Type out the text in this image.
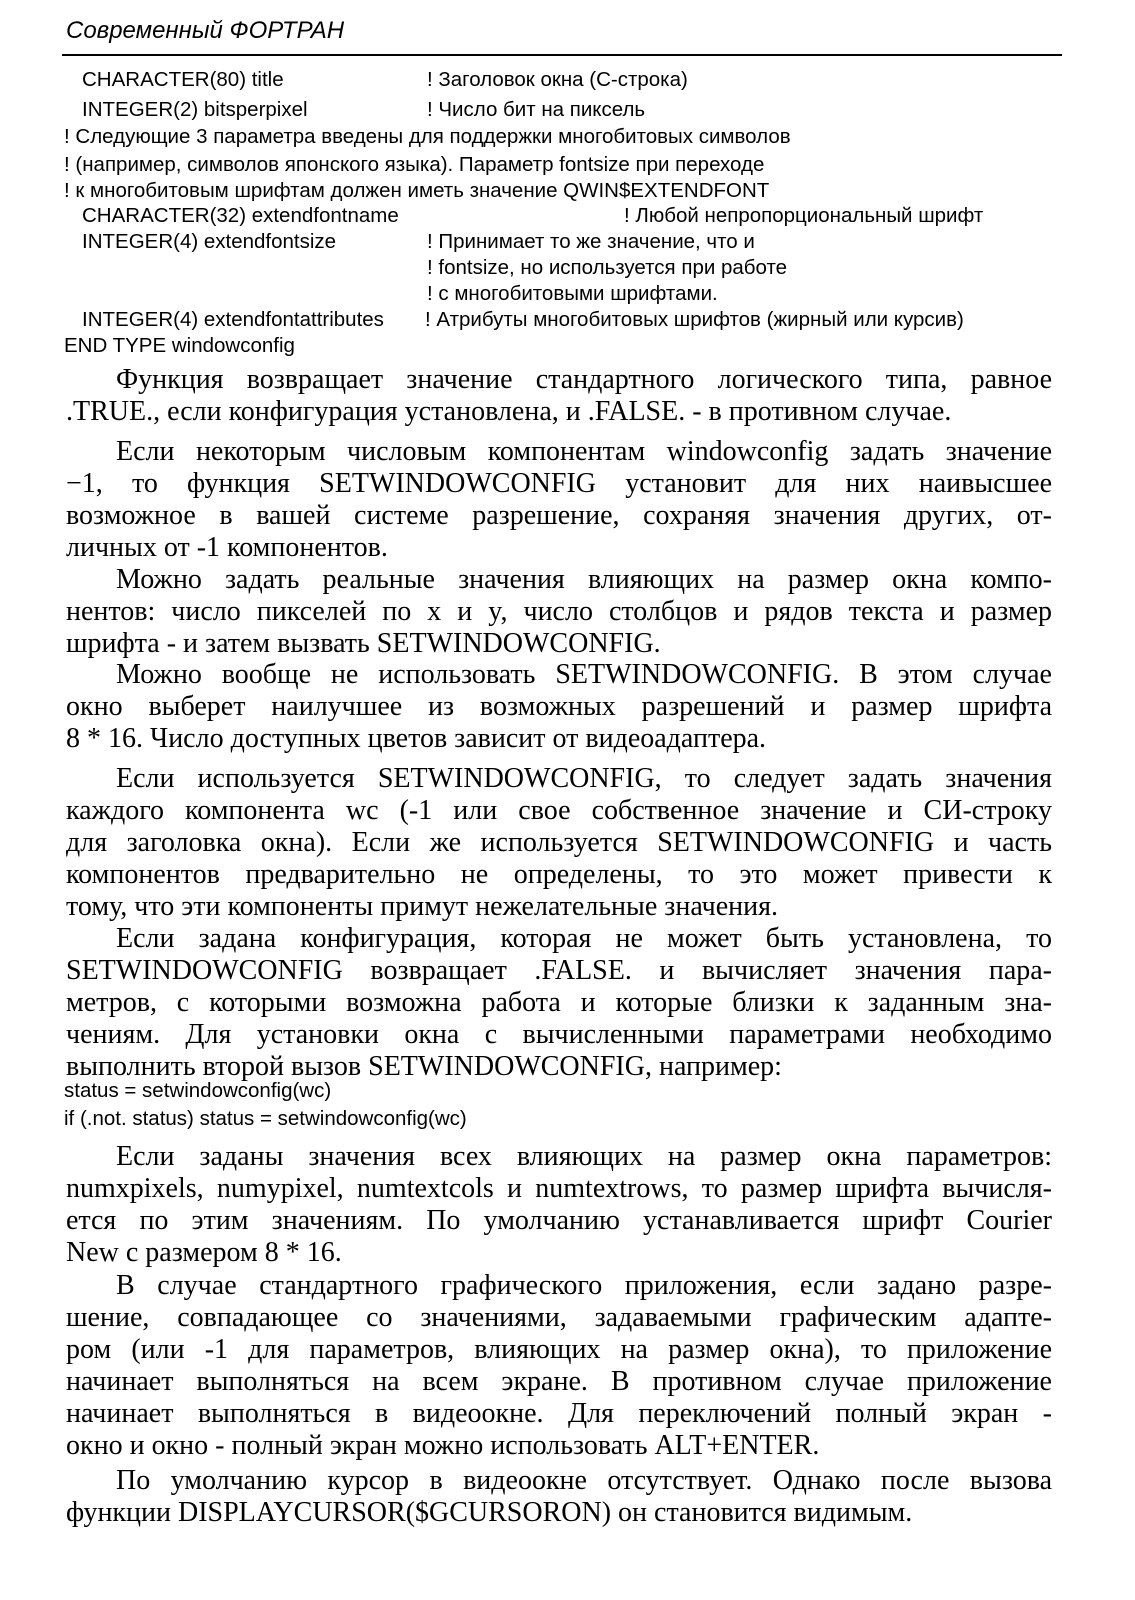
Современный ФОРТРАН
CHARACTER(80) title	! Заголовок окна (С-строка)
INTEGER(2) bitsperpixel	! Число бит на пиксель
! Следующие 3 параметра введены для поддержки многобитовых символов
! (например, символов японского языка). Параметр fontsize при переходе
! к многобитовым шрифтам должен иметь значение QWIN$EXTENDFONT
CHARACTER(32) extendfontname	! Любой непропорциональный шрифт
INTEGER(4) extendfontsize	! Принимает то же значение, что и
! fontsize, но используется при работе
! с многобитовыми шрифтами.
INTEGER(4) extendfontattributes ! Атрибуты многобитовых шрифтов (жирный или курсив)
END TYPE windowconfig
Функция возвращает значение стандартного логического типа, равное
.TRUE., если конфигурация установлена, и .FALSE. - в противном случае.
Если некоторым числовым компонентам windowconfig задать значение
−1, то функция SETWINDOWCONFIG установит для них наивысшее
возможное в вашей системе разрешение, сохраняя значения других, от-
личных от -1 компонентов.
Можно задать реальные значения влияющих на размер окна компо-
нентов: число пикселей по x и y, число столбцов и рядов текста и размер
шрифта - и затем вызвать SETWINDOWCONFIG.
Можно вообще не использовать SETWINDOWCONFIG. В этом случае
окно выберет наилучшее из возможных разрешений и размер шрифта
8 * 16. Число доступных цветов зависит от видеоадаптера.
Если используется SETWINDOWCONFIG, то следует задать значения
каждого компонента wc (-1 или свое собственное значение и СИ-строку
для заголовка окна). Если же используется SETWINDOWCONFIG и часть
компонентов предварительно не определены, то это может привести к
тому, что эти компоненты примут нежелательные значения.
Если задана конфигурация, которая не может быть установлена, то
SETWINDOWCONFIG возвращает .FALSE. и вычисляет значения пара-
метров, с которыми возможна работа и которые близки к заданным зна-
чениям. Для установки окна с вычисленными параметрами необходимо
выполнить второй вызов SETWINDOWCONFIG, например:
status = setwindowconfig(wc)
if (.not. status) status = setwindowconfig(wc)
Если заданы значения всех влияющих на размер окна параметров:
numxpixels, numypixel, numtextcols и numtextrows, то размер шрифта вычисля-
ется по этим значениям. По умолчанию устанавливается шрифт Courier
New с размером 8 * 16.
В случае стандартного графического приложения, если задано разре-
шение, совпадающее со значениями, задаваемыми графическим адапте-
ром (или -1 для параметров, влияющих на размер окна), то приложение
начинает выполняться на всем экране. В противном случае приложение
начинает выполняться в видеоокне. Для переключений полный экран -
окно и окно - полный экран можно использовать ALT+ENTER.
По умолчанию курсор в видеоокне отсутствует. Однако после вызова
функции DISPLAYCURSOR($GCURSORON) он становится видимым.
